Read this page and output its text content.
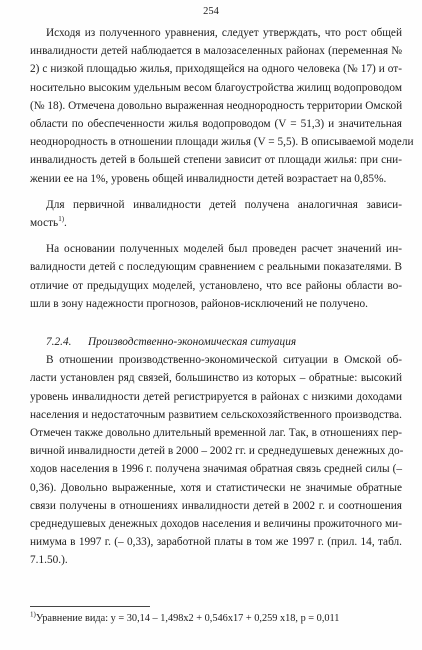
254
Исходя из полученного уравнения, следует утверждать, что рост общей
инвалидности детей наблюдается в малозаселенных районах (переменная №
2) с низкой площадью жилья, приходящейся на одного человека (№ 17) и от-
носительно высоким удельным весом благоустройства жилищ водопроводом
(№ 18). Отмечена довольно выраженная неоднородность территории Омской
области по обеспеченности жилья водопроводом (V = 51,3) и значительная
неоднородность в отношении площади жилья (V = 5,5). В описываемой модели
инвалидность детей в большей степени зависит от площади жилья: при сни-
жении ее на 1%, уровень общей инвалидности детей возрастает на 0,85%.
Для первичной инвалидности детей получена аналогичная зависи-
мость$^{1)}$.
На основании полученных моделей был проведен расчет значений ин-
валидности детей с последующим сравнением с реальными показателями. В
отличие от предыдущих моделей, установлено, что все районы области во-
шли в зону надежности прогнозов, районов-исключений не получено.
7.2.4. Производственно-экономическая ситуация
В отношении производственно-экономической ситуации в Омской об-
ласти установлен ряд связей, большинство из которых – обратные: высокий
уровень инвалидности детей регистрируется в районах с низкими доходами
населения и недостаточным развитием сельскохозяйственного производства.
Отмечен также довольно длительный временной лаг. Так, в отношениях пер-
вичной инвалидности детей в 2000 – 2002 гг. и среднедушевых денежных до-
ходов населения в 1996 г. получена значимая обратная связь средней силы (–
0,36). Довольно выраженные, хотя и статистически не значимые обратные
связи получены в отношениях инвалидности детей в 2002 г. и соотношения
среднедушевых денежных доходов населения и величины прожиточного ми-
нимума в 1997 г. (– 0,33), заработной платы в том же 1997 г. (прил. 14, табл.
7.1.50.).
$^{1)}$Уравнение вида: у = 30,14 – 1,498х2 + 0,546х17 + 0,259 х18, р = 0,011
